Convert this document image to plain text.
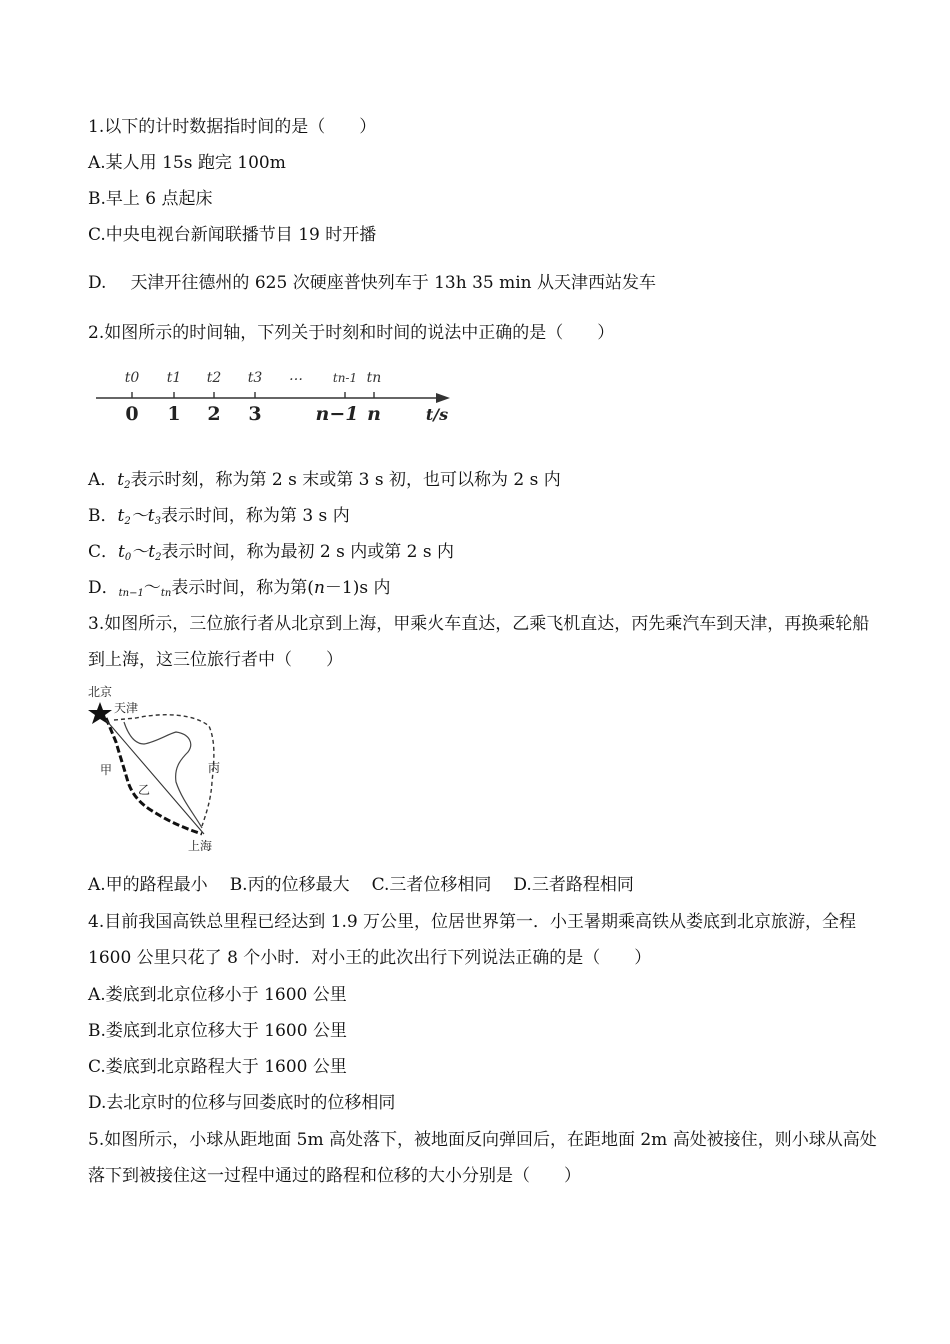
1.以下的计时数据指时间的是（　　）
A.某人用 15s 跑完 100m
B.早上 6 点起床
C.中央电视台新闻联播节目 19 时开播
D. 天津开往德州的 625 次硬座普快列车于 13h 35 min 从天津西站发车
2.如图所示的时间轴，下列关于时刻和时间的说法中正确的是（　　）
t0 t1 t2 t3 … tn-1 tn
0 1 2 3	n−1 n	t/s
A．$t_2$表示时刻，称为第 2 s 末或第 3 s 初，也可以称为 2 s 内
B．$t_2\sim t_3$表示时间，称为第 3 s 内
C．$t_0\sim t_2$表示时间，称为最初 2 s 内或第 2 s 内
D．$_{tn-1}\sim_{tn}$表示时间，称为第(n－1)s 内
3.如图所示，三位旅行者从北京到上海，甲乘火车直达，乙乘飞机直达，丙先乘汽车到天津，再换乘轮船到上海，这三位旅行者中（　　）
北京
天津
甲
乙
丙
上海
A.甲的路程最小 B.丙的位移最大 C.三者位移相同 D.三者路程相同
4.目前我国高铁总里程已经达到 1.9 万公里，位居世界第一．小王暑期乘高铁从娄底到北京旅游，全程 1600 公里只花了 8 个小时．对小王的此次出行下列说法正确的是（　　）
A.娄底到北京位移小于 1600 公里
B.娄底到北京位移大于 1600 公里
C.娄底到北京路程大于 1600 公里
D.去北京时的位移与回娄底时的位移相同
5.如图所示，小球从距地面 5m 高处落下，被地面反向弹回后，在距地面 2m 高处被接住，则小球从高处落下到被接住这一过程中通过的路程和位移的大小分别是（　　）
